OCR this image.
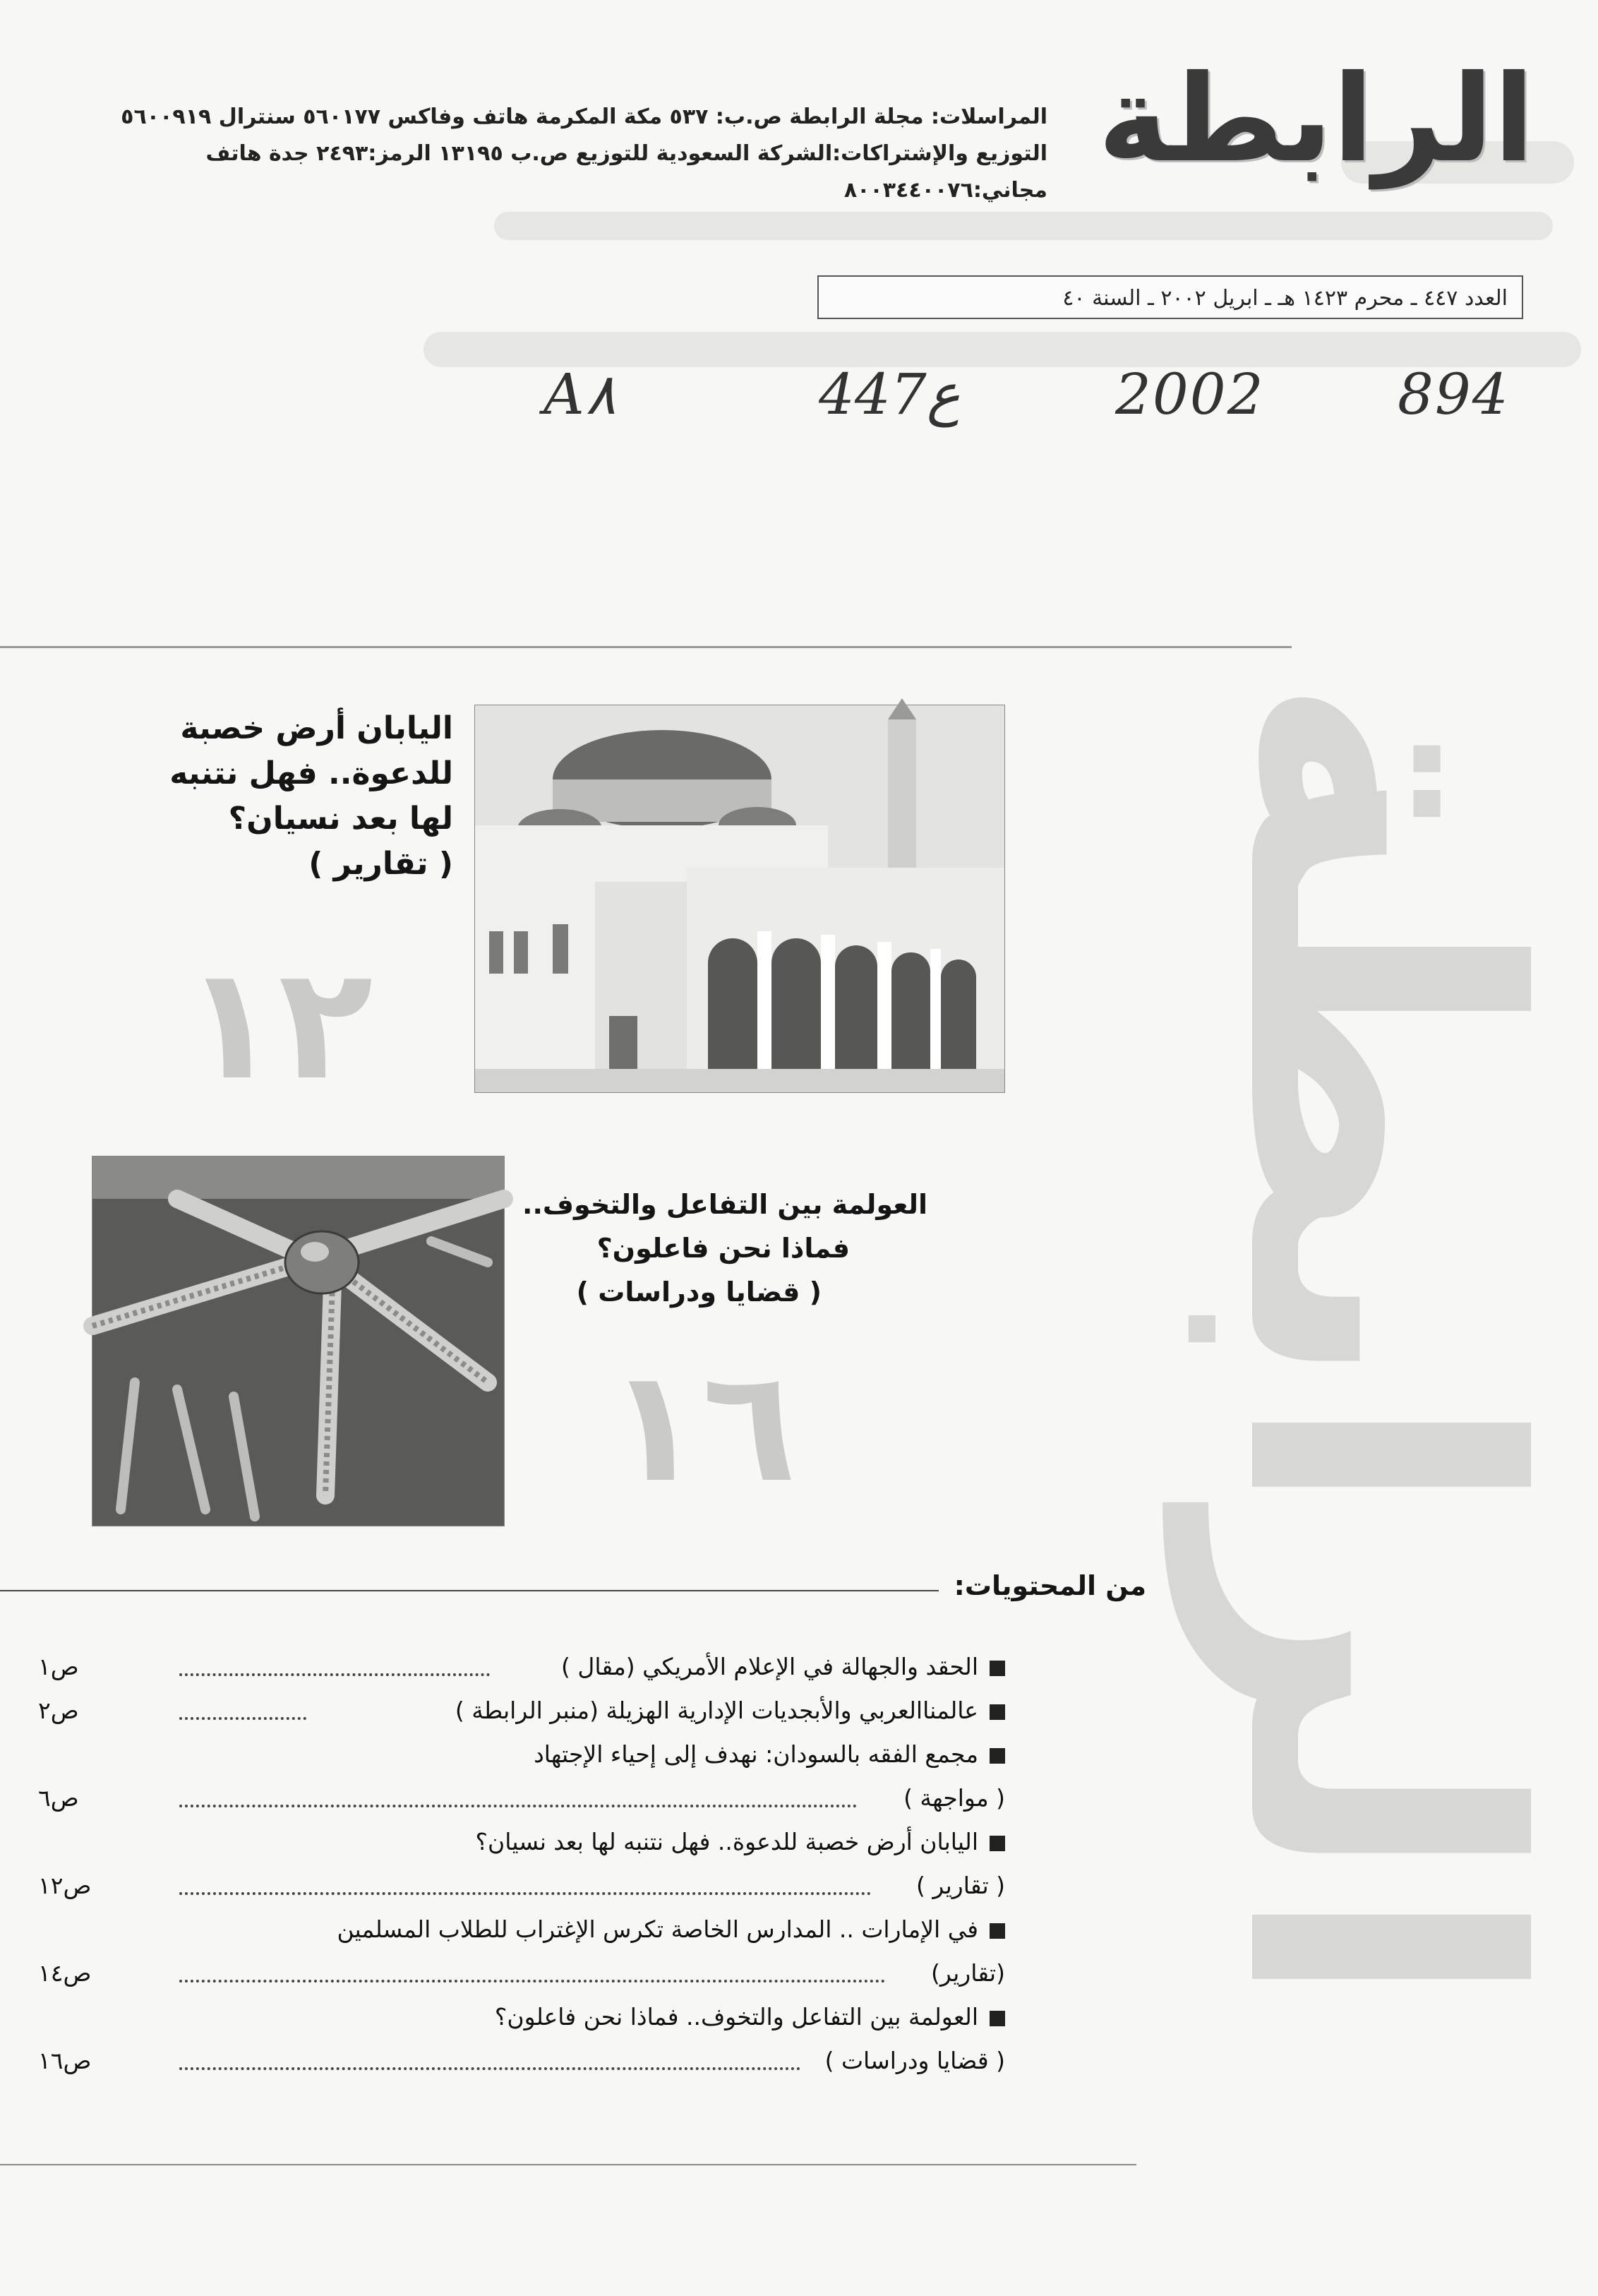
الرابطة
الرابطة
المراسلات: مجلة الرابطة ص.ب: ٥٣٧ مكة المكرمة هاتف وفاكس ٥٦٠١٧٧ سنترال ٥٦٠٠٩١٩
التوزيع والإشتراكات:الشركة السعودية للتوزيع ص.ب ١٣١٩٥ الرمز:٢٤٩٣ جدة هاتف
مجاني:٨٠٠٣٤٤٠٠٧٦
العدد ٤٤٧ ـ محرم ١٤٢٣ هـ ـ ابريل ٢٠٠٢ ـ السنة ٤٠
A٨	447ع	2002 894
اليابان أرض خصبة
للدعوة.. فهل نتنبه
لها بعد نسيان؟
( تقارير )
١٢
العولمة بين التفاعل والتخوف..
فماذا نحن فاعلون؟
( قضايا ودراسات )
١٦
من المحتويات:
الحقد والجهالة في الإعلام الأمريكي (مقال )
ص١
عالمناالعربي والأبجديات الإدارية الهزيلة (منبر الرابطة )
ص٢
مجمع الفقه بالسودان: نهدف إلى إحياء الإجتهاد
( مواجهة )
ص٦
اليابان أرض خصبة للدعوة.. فهل نتنبه لها بعد نسيان؟
( تقارير )
ص١٢
في الإمارات .. المدارس الخاصة تكرس الإغتراب للطلاب المسلمين
(تقارير)
ص١٤
العولمة بين التفاعل والتخوف.. فماذا نحن فاعلون؟
( قضايا ودراسات )
ص١٦
